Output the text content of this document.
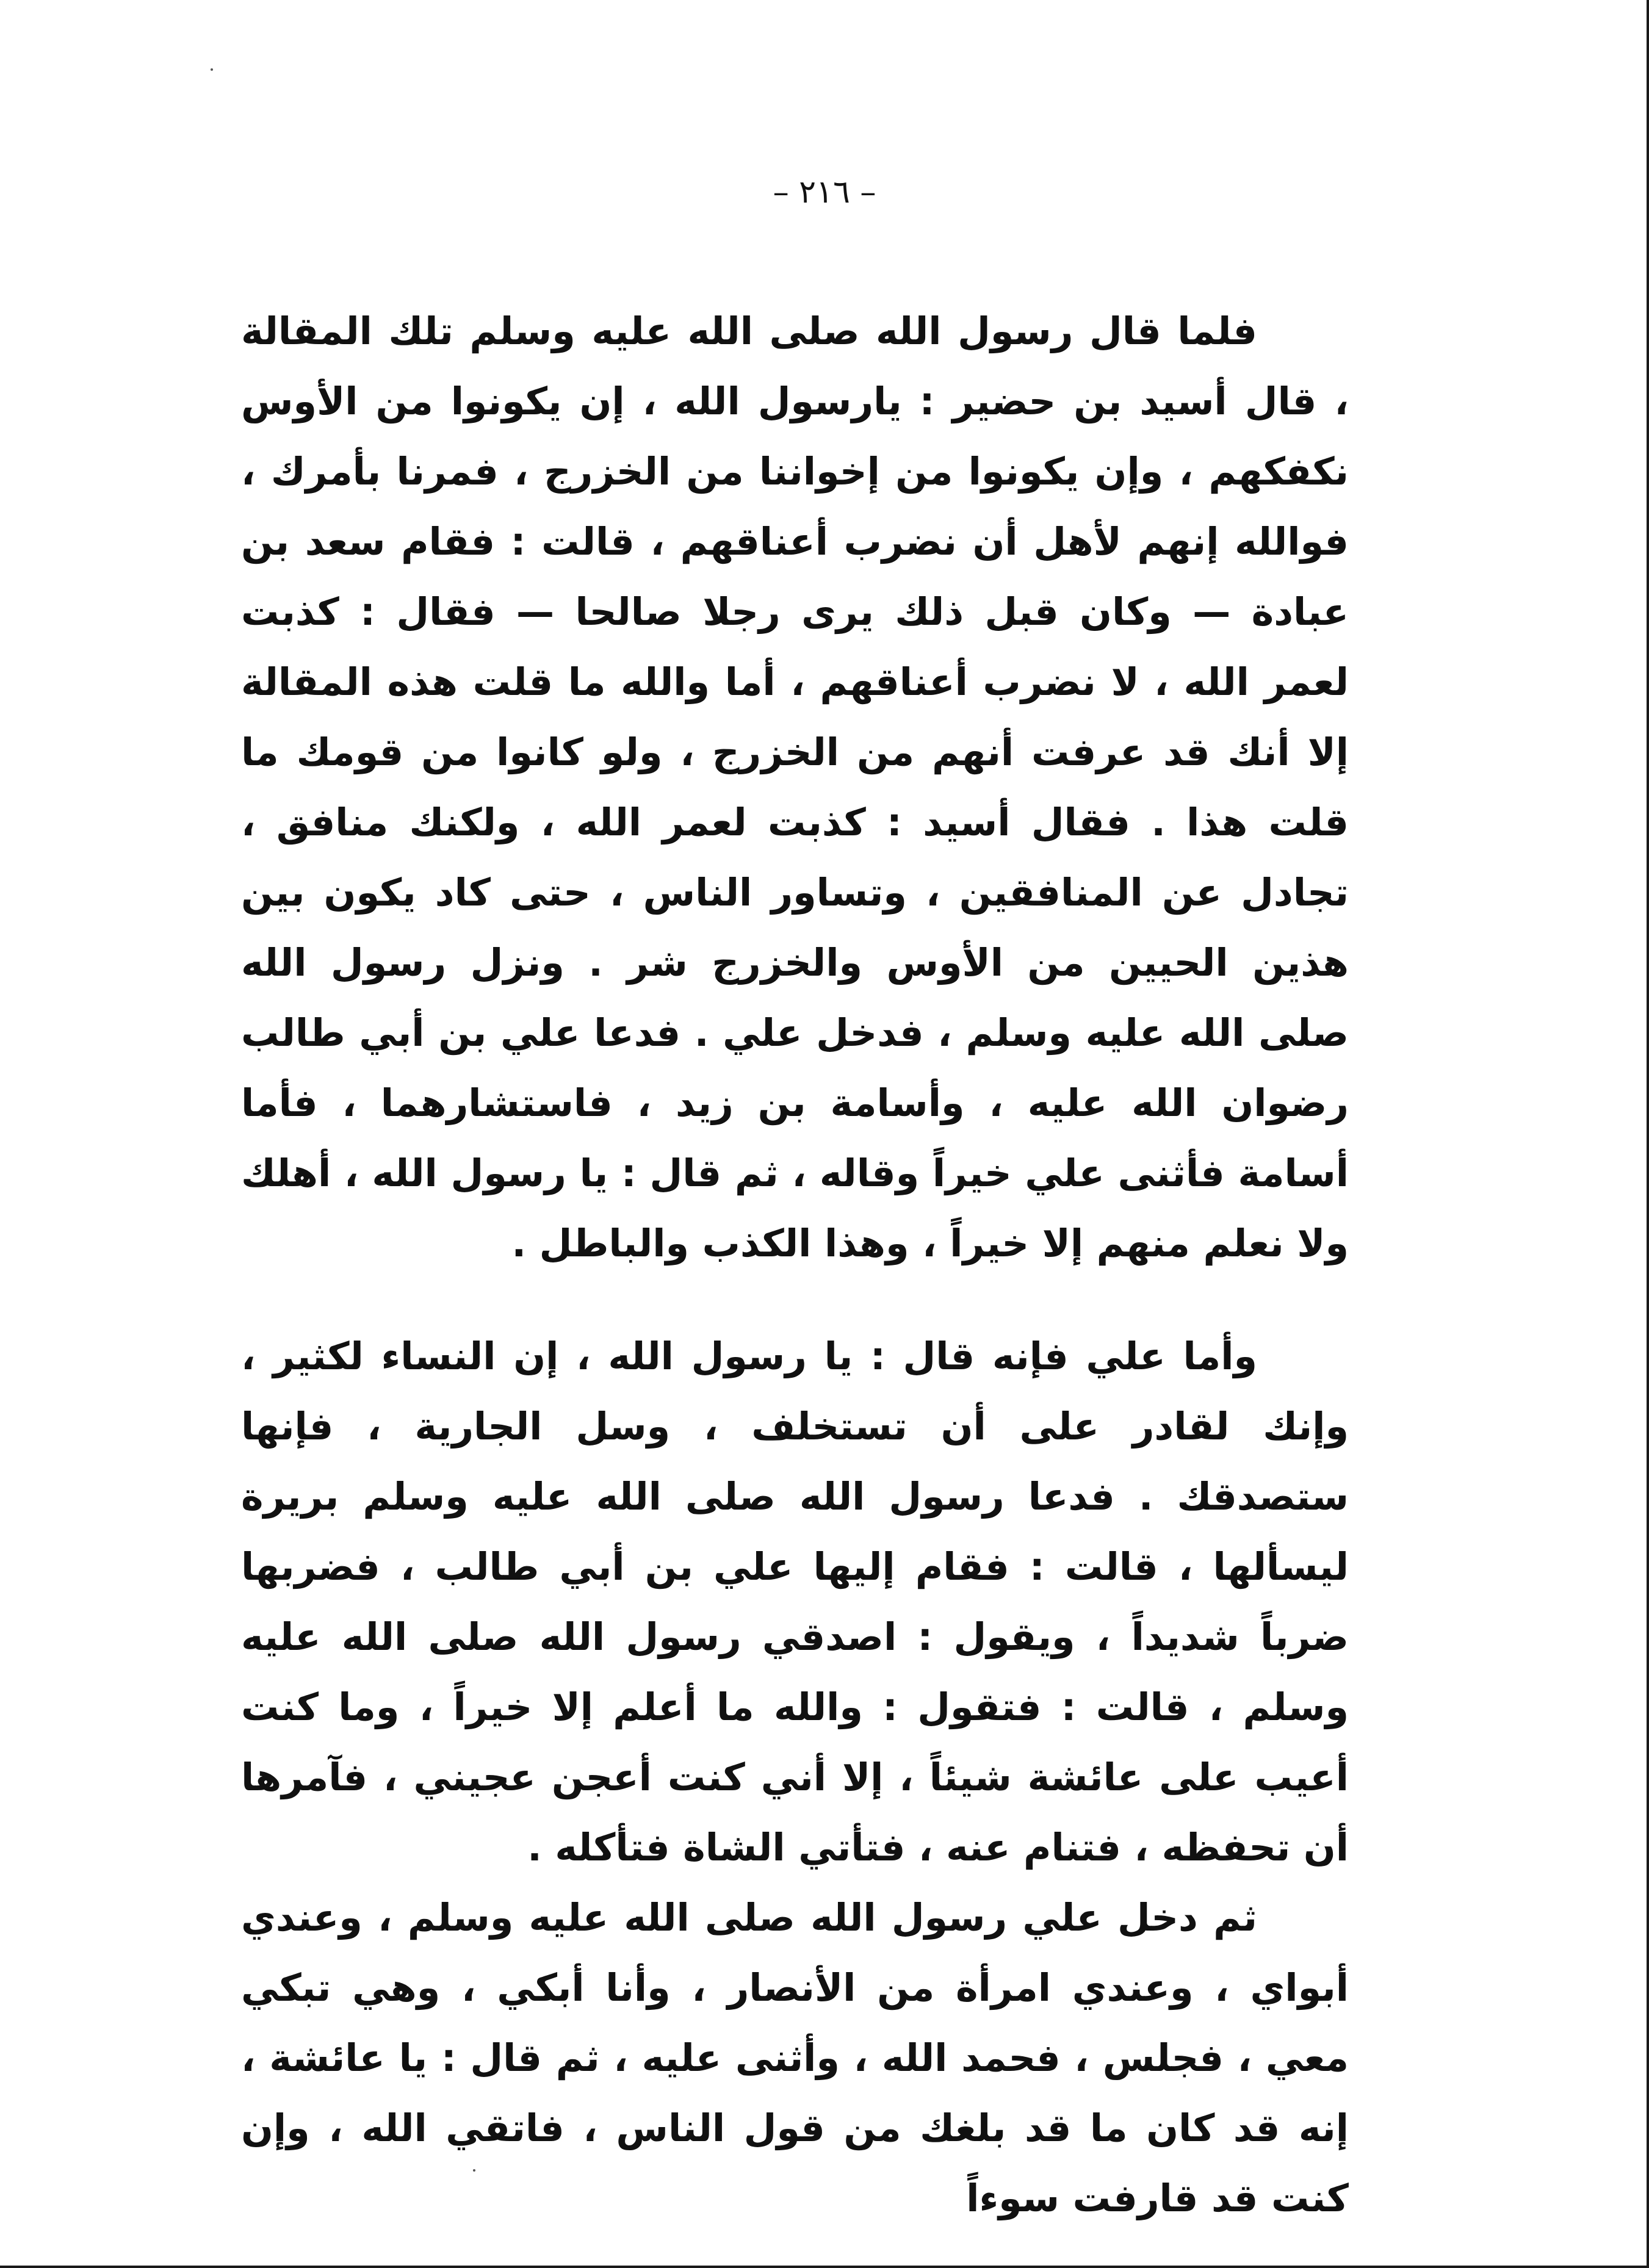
– ٢١٦ –

فلما قال رسول الله صلى الله عليه وسلم تلك المقالة ، قال أسيد بن حضير : يارسول الله ، إن يكونوا من الأوس نكفكهم ، وإن يكونوا من إخواننا من الخزرج ، فمرنا بأمرك ، فوالله إنهم لأهل أن نضرب أعناقهم ، قالت : فقام سعد بن عبادة — وكان قبل ذلك يرى رجلا صالحا — فقال : كذبت لعمر الله ، لا نضرب أعناقهم ، أما والله ما قلت هذه المقالة إلا أنك قد عرفت أنهم من الخزرج ، ولو كانوا من قومك ما قلت هذا . فقال أسيد : كذبت لعمر الله ، ولكنك منافق ، تجادل عن المنافقين ، وتساور الناس ، حتى كاد يكون بين هذين الحيين من الأوس والخزرج شر . ونزل رسول الله صلى الله عليه وسلم ، فدخل علي . فدعا علي بن أبي طالب رضوان الله عليه ، وأسامة بن زيد ، فاستشارهما ، فأما أسامة فأثنى علي خيراً وقاله ، ثم قال : يا رسول الله ، أهلك ولا نعلم منهم إلا خيراً ، وهذا الكذب والباطل .

وأما علي فإنه قال : يا رسول الله ، إن النساء لكثير ، وإنك لقادر على أن تستخلف ، وسل الجارية ، فإنها ستصدقك . فدعا رسول الله صلى الله عليه وسلم بريرة ليسألها ، قالت : فقام إليها علي بن أبي طالب ، فضربها ضرباً شديداً ، ويقول : اصدقي رسول الله صلى الله عليه وسلم ، قالت : فتقول : والله ما أعلم إلا خيراً ، وما كنت أعيب على عائشة شيئاً ، إلا أني كنت أعجن عجيني ، فآمرها أن تحفظه ، فتنام عنه ، فتأتي الشاة فتأكله .

ثم دخل علي رسول الله صلى الله عليه وسلم ، وعندي أبواي ، وعندي امرأة من الأنصار ، وأنا أبكي ، وهي تبكي معي ، فجلس ، فحمد الله ، وأثنى عليه ، ثم قال : يا عائشة ، إنه قد كان ما قد بلغك من قول الناس ، فاتقي الله ، وإن كنت قد قارفت سوءاً
